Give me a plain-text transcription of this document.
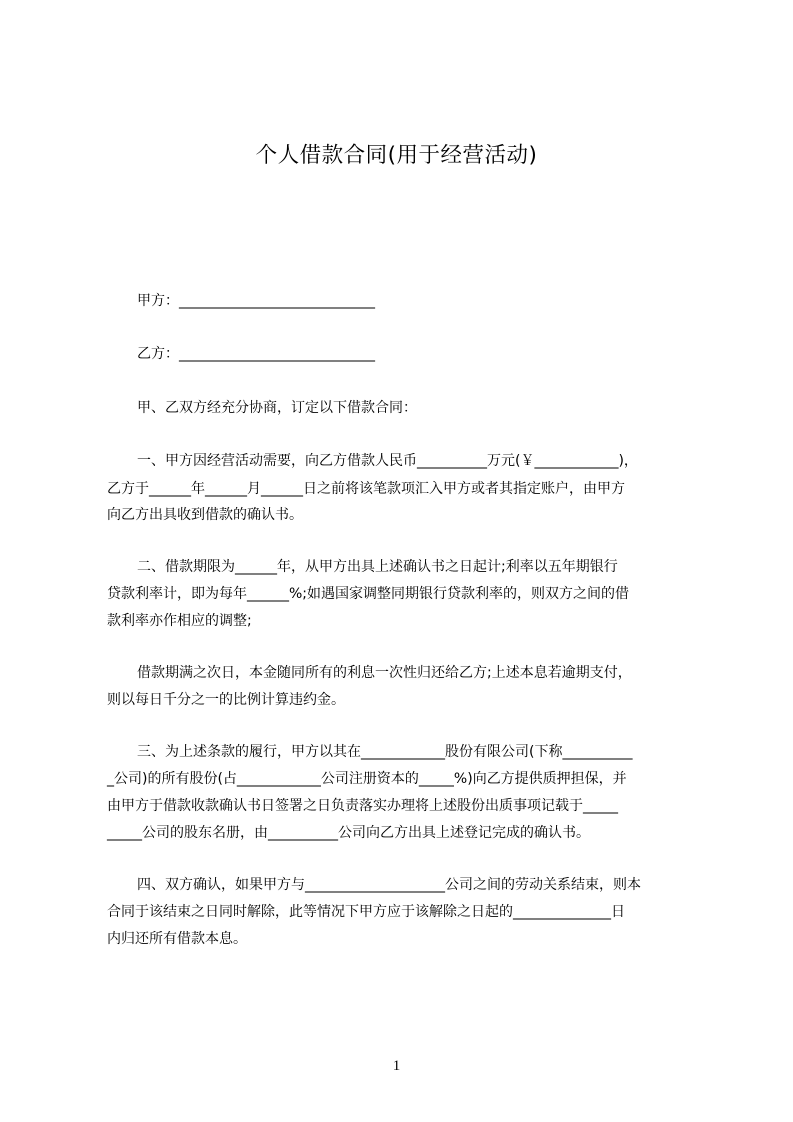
个人借款合同(用于经营活动)
甲方：____________________________
乙方：____________________________
甲、乙双方经充分协商，订定以下借款合同：
一、甲方因经营活动需要，向乙方借款人民币__________万元(￥____________)，
乙方于______年______月______日之前将该笔款项汇入甲方或者其指定账户，由甲方
向乙方出具收到借款的确认书。
二、借款期限为______年，从甲方出具上述确认书之日起计;利率以五年期银行
贷款利率计，即为每年______%;如遇国家调整同期银行贷款利率的，则双方之间的借
款利率亦作相应的调整;
借款期满之次日，本金随同所有的利息一次性归还给乙方;上述本息若逾期支付，
则以每日千分之一的比例计算违约金。
三、为上述条款的履行，甲方以其在____________股份有限公司(下称__________
_公司)的所有股份(占____________公司注册资本的_____%)向乙方提供质押担保，并
由甲方于借款收款确认书日签署之日负责落实办理将上述股份出质事项记载于_____
_____公司的股东名册，由__________公司向乙方出具上述登记完成的确认书。
四、双方确认，如果甲方与____________________公司之间的劳动关系结束，则本
合同于该结束之日同时解除，此等情况下甲方应于该解除之日起的______________日
内归还所有借款本息。
1
